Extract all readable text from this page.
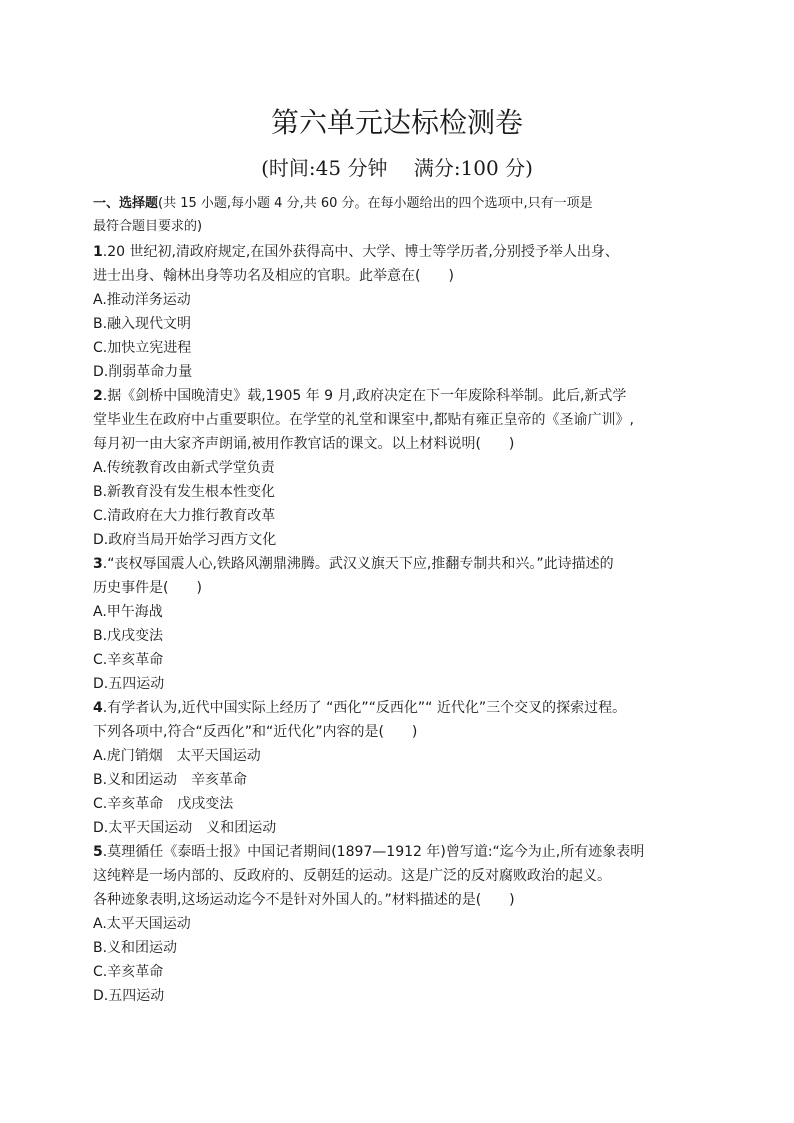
第六单元达标检测卷
(时间:45 分钟　 满分:100 分)
一、选择题(共 15 小题,每小题 4 分,共 60 分。在每小题给出的四个选项中,只有一项是
最符合题目要求的)
1.20 世纪初,清政府规定,在国外获得高中、大学、博士等学历者,分别授予举人出身、
进士出身、翰林出身等功名及相应的官职。此举意在(　　)
A.推动洋务运动
B.融入现代文明
C.加快立宪进程
D.削弱革命力量
2.据《剑桥中国晚清史》载,1905 年 9 月,政府决定在下一年废除科举制。此后,新式学
堂毕业生在政府中占重要职位。在学堂的礼堂和课室中,都贴有雍正皇帝的《圣谕广训》,
每月初一由大家齐声朗诵,被用作教官话的课文。以上材料说明(　　)
A.传统教育改由新式学堂负责
B.新教育没有发生根本性变化
C.清政府在大力推行教育改革
D.政府当局开始学习西方文化
3.“丧权辱国震人心,铁路风潮鼎沸腾。武汉义旗天下应,推翻专制共和兴。”此诗描述的
历史事件是(　　)
A.甲午海战
B.戊戌变法
C.辛亥革命
D.五四运动
4.有学者认为,近代中国实际上经历了 “西化”“反西化”“ 近代化”三个交叉的探索过程。
下列各项中,符合“反西化”和“近代化”内容的是(　　)
A.虎门销烟　太平天国运动
B.义和团运动　辛亥革命
C.辛亥革命　戊戌变法
D.太平天国运动　义和团运动
5.莫理循任《泰晤士报》中国记者期间(1897—1912 年)曾写道:“迄今为止,所有迹象表明
这纯粹是一场内部的、反政府的、反朝廷的运动。这是广泛的反对腐败政治的起义。
各种迹象表明,这场运动迄今不是针对外国人的。”材料描述的是(　　)
A.太平天国运动
B.义和团运动
C.辛亥革命
D.五四运动
